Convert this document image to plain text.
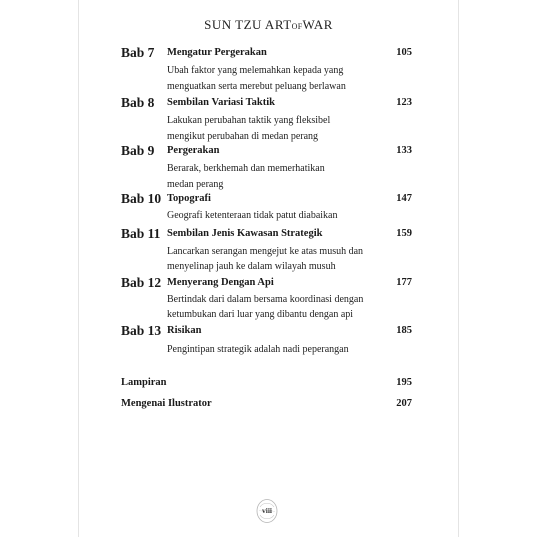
SUN TZU ARTOFWAR
Bab 7 Mengatur Pergerakan	105
Ubah faktor yang melemahkan kepada yang
menguatkan serta merebut peluang berlawan
Bab 8 Sembilan Variasi Taktik	123
Lakukan perubahan taktik yang fleksibel
mengikut perubahan di medan perang
Bab 9 Pergerakan	133
Berarak, berkhemah dan memerhatikan
medan perang
Bab 10 Topografi	147
Geografi ketenteraan tidak patut diabaikan
Bab 11 Sembilan Jenis Kawasan Strategik	159
Lancarkan serangan mengejut ke atas musuh dan
menyelinap jauh ke dalam wilayah musuh
Bab 12 Menyerang Dengan Api	177
Bertindak dari dalam bersama koordinasi dengan
ketumbukan dari luar yang dibantu dengan api
Bab 13 Risikan	185
Pengintipan strategik adalah nadi peperangan
Lampiran	195
Mengenai Ilustrator	207
viii
